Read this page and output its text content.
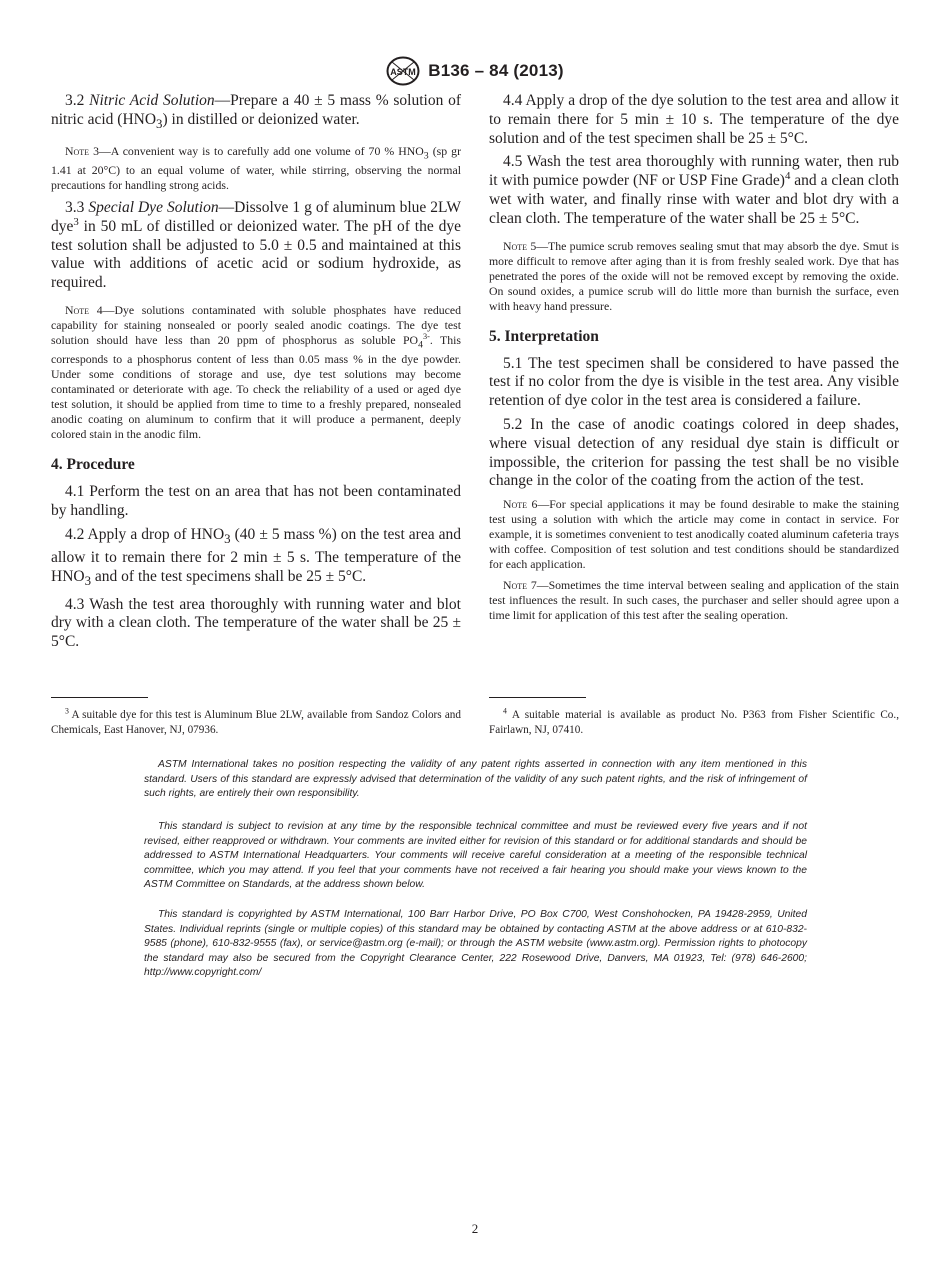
ASTM B136 – 84 (2013)

3.2 Nitric Acid Solution—Prepare a 40 ± 5 mass % solution of nitric acid $(HNO_3)$ in distilled or deionized water.

Note 3—A convenient way is to carefully add one volume of 70 % $HNO_3$ (sp gr 1.41 at 20°C) to an equal volume of water, while stirring, observing the normal precautions for handling strong acids.

3.3 Special Dye Solution—Dissolve 1 g of aluminum blue 2LW dye$^3$ in 50 mL of distilled or deionized water. The pH of the dye test solution shall be adjusted to 5.0 ± 0.5 and maintained at this value with additions of acetic acid or sodium hydroxide, as required.

Note 4—Dye solutions contaminated with soluble phosphates have reduced capability for staining nonsealed or poorly sealed anodic coatings. The dye test solution should have less than 20 ppm of phosphorus as soluble $PO_4^{3-}$. This corresponds to a phosphorus content of less than 0.05 mass % in the dye powder. Under some conditions of storage and use, dye test solutions may become contaminated or deteriorate with age. To check the reliability of a used or aged dye test solution, it should be applied from time to time to a freshly prepared, nonsealed anodic coating on aluminum to confirm that it will produce a permanent, deeply colored stain in the anodic film.

4. Procedure

4.1 Perform the test on an area that has not been contaminated by handling.

4.2 Apply a drop of $HNO_3$ (40 ± 5 mass %) on the test area and allow it to remain there for 2 min ± 5 s. The temperature of the $HNO_3$ and of the test specimens shall be 25 ± 5°C.

4.3 Wash the test area thoroughly with running water and blot dry with a clean cloth. The temperature of the water shall be 25 ± 5°C.

4.4 Apply a drop of the dye solution to the test area and allow it to remain there for 5 min ± 10 s. The temperature of the dye solution and of the test specimen shall be 25 ± 5°C.

4.5 Wash the test area thoroughly with running water, then rub it with pumice powder (NF or USP Fine Grade)$^4$ and a clean cloth wet with water, and finally rinse with water and blot dry with a clean cloth. The temperature of the water shall be 25 ± 5°C.

Note 5—The pumice scrub removes sealing smut that may absorb the dye. Smut is more difficult to remove after aging than it is from freshly sealed work. Dye that has penetrated the pores of the oxide will not be removed except by removing the oxide. On sound oxides, a pumice scrub will do little more than burnish the surface, even with heavy hand pressure.

5. Interpretation

5.1 The test specimen shall be considered to have passed the test if no color from the dye is visible in the test area. Any visible retention of dye color in the test area is considered a failure.

5.2 In the case of anodic coatings colored in deep shades, where visual detection of any residual dye stain is difficult or impossible, the criterion for passing the test shall be no visible change in the color of the coating from the action of the test.

Note 6—For special applications it may be found desirable to make the staining test using a solution with which the article may come in contact in service. For example, it is sometimes convenient to test anodically coated aluminum cafeteria trays with coffee. Composition of test solution and test conditions should be standardized for each application.

Note 7—Sometimes the time interval between sealing and application of the stain test influences the result. In such cases, the purchaser and seller should agree upon a time limit for application of this test after the sealing operation.

$^3$ A suitable dye for this test is Aluminum Blue 2LW, available from Sandoz Colors and Chemicals, East Hanover, NJ, 07936.

$^4$ A suitable material is available as product No. P363 from Fisher Scientific Co., Fairlawn, NJ, 07410.

ASTM International takes no position respecting the validity of any patent rights asserted in connection with any item mentioned in this standard. Users of this standard are expressly advised that determination of the validity of any such patent rights, and the risk of infringement of such rights, are entirely their own responsibility.

This standard is subject to revision at any time by the responsible technical committee and must be reviewed every five years and if not revised, either reapproved or withdrawn. Your comments are invited either for revision of this standard or for additional standards and should be addressed to ASTM International Headquarters. Your comments will receive careful consideration at a meeting of the responsible technical committee, which you may attend. If you feel that your comments have not received a fair hearing you should make your views known to the ASTM Committee on Standards, at the address shown below.

This standard is copyrighted by ASTM International, 100 Barr Harbor Drive, PO Box C700, West Conshohocken, PA 19428-2959, United States. Individual reprints (single or multiple copies) of this standard may be obtained by contacting ASTM at the above address or at 610-832-9585 (phone), 610-832-9555 (fax), or service@astm.org (e-mail); or through the ASTM website (www.astm.org). Permission rights to photocopy the standard may also be secured from the Copyright Clearance Center, 222 Rosewood Drive, Danvers, MA 01923, Tel: (978) 646-2600; http://www.copyright.com/

2
